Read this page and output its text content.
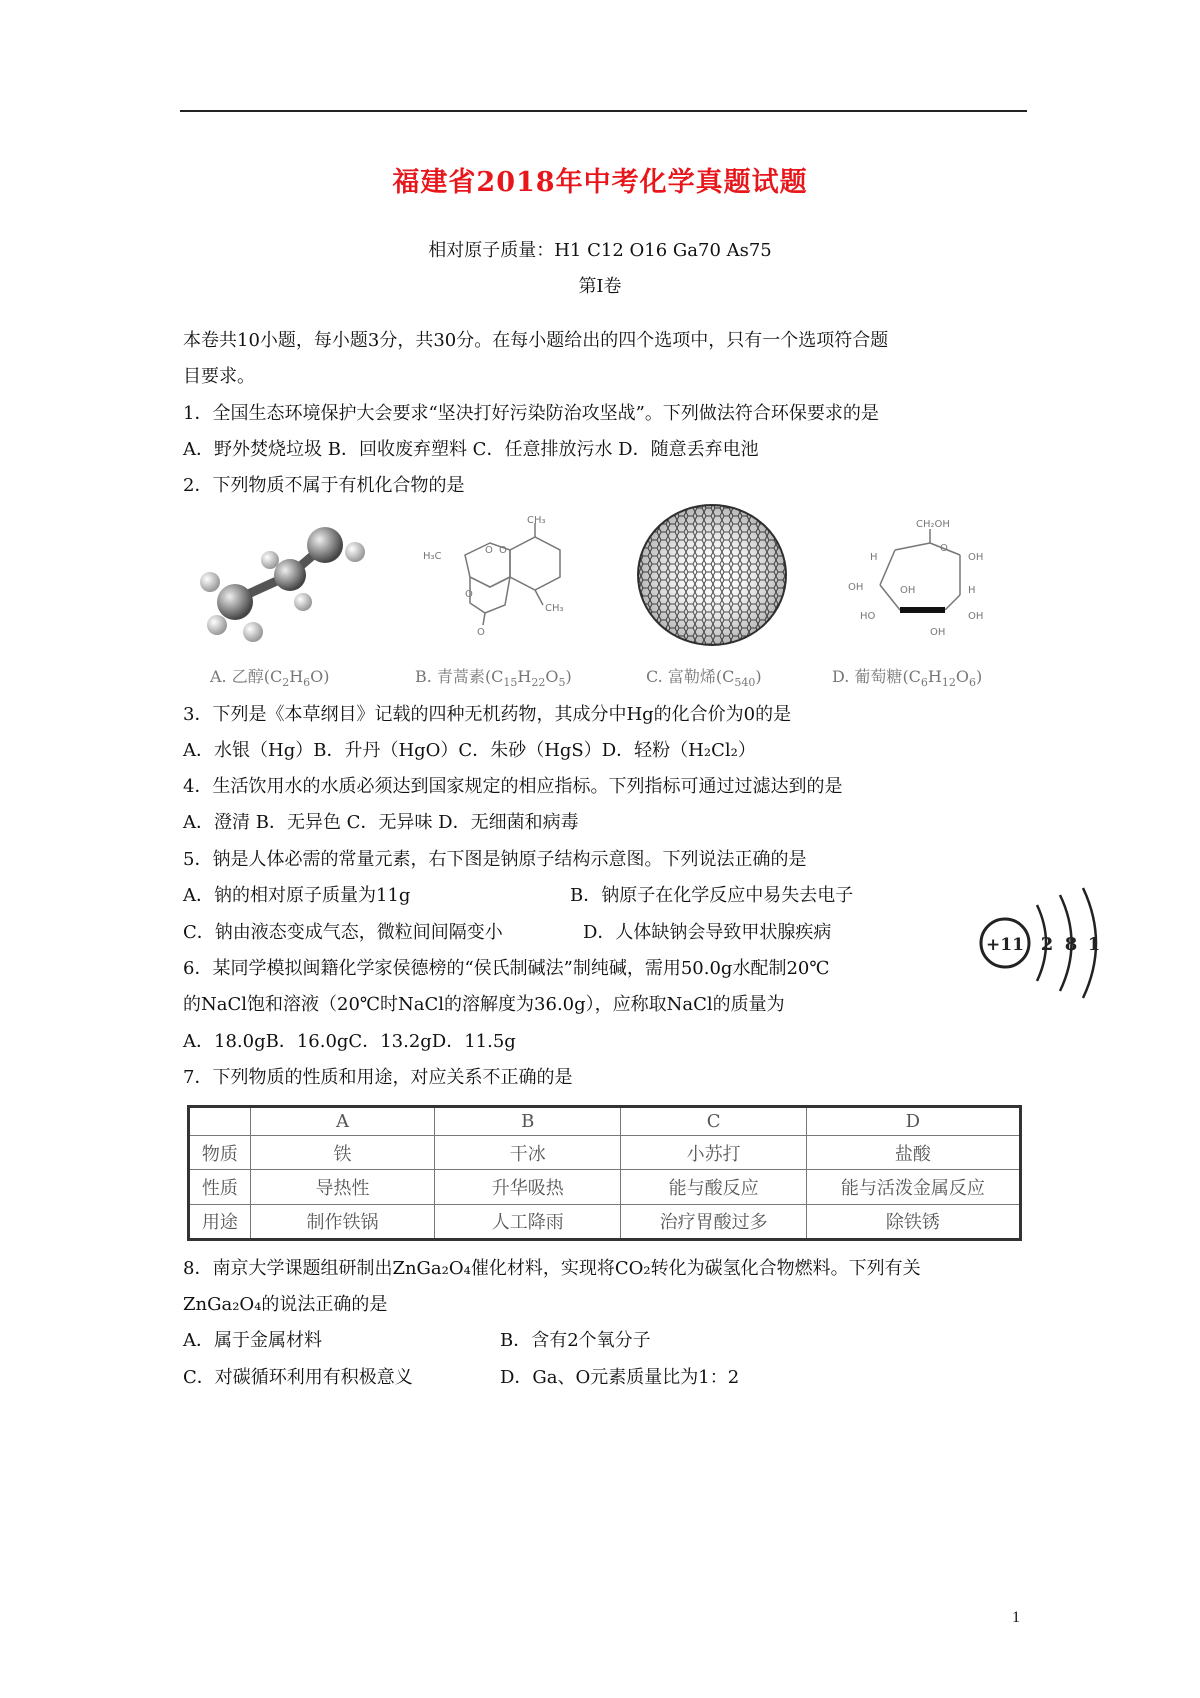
福建省2018年中考化学真题试题
相对原子质量：H1 C12 O16 Ga70 As75
第Ⅰ卷
本卷共10小题，每小题3分，共30分。在每小题给出的四个选项中，只有一个选项符合题
目要求。
1．全国生态环境保护大会要求“坚决打好污染防治攻坚战”。下列做法符合环保要求的是
A．野外焚烧垃圾 B．回收废弃塑料 C．任意排放污水 D．随意丢弃电池
2．下列物质不属于有机化合物的是
CH₃
H₃C
O O
O
O
CH₃
CH₂OH
O
OH
H
OH	OH	H
HO	OH
OH
A. 乙醇$(C_2H_6O)$	B. 青蒿素$(C_{15}H_{22}O_5)$	C. 富勒烯$(C_{540})$	D. 葡萄糖$(C_6H_{12}O_6)$
3．下列是《本草纲目》记载的四种无机药物，其成分中Hg的化合价为0的是
A．水银（Hg）B．升丹（HgO）C．朱砂（HgS）D．轻粉（H₂Cl₂）
4．生活饮用水的水质必须达到国家规定的相应指标。下列指标可通过过滤达到的是
A．澄清 B．无异色 C．无异味 D．无细菌和病毒
5．钠是人体必需的常量元素，右下图是钠原子结构示意图。下列说法正确的是
A．钠的相对原子质量为11g	B．钠原子在化学反应中易失去电子
C．钠由液态变成气态，微粒间间隔变小	D．人体缺钠会导致甲状腺疾病
+11 2 8 1
6．某同学模拟闽籍化学家侯德榜的“侯氏制碱法”制纯碱，需用50.0g水配制20℃
的NaCl饱和溶液（20℃时NaCl的溶解度为36.0g），应称取NaCl的质量为
A．18.0gB．16.0gC．13.2gD．11.5g
7．下列物质的性质和用途，对应关系不正确的是
	A	B	C	D
物质	铁	干冰	小苏打	盐酸
性质	导热性	升华吸热	能与酸反应	能与活泼金属反应
用途	制作铁锅	人工降雨	治疗胃酸过多	除铁锈
8．南京大学课题组研制出ZnGa₂O₄催化材料，实现将CO₂转化为碳氢化合物燃料。下列有关
ZnGa₂O₄的说法正确的是
A．属于金属材料	B．含有2个氧分子
C．对碳循环利用有积极意义	D．Ga、O元素质量比为1：2
1
